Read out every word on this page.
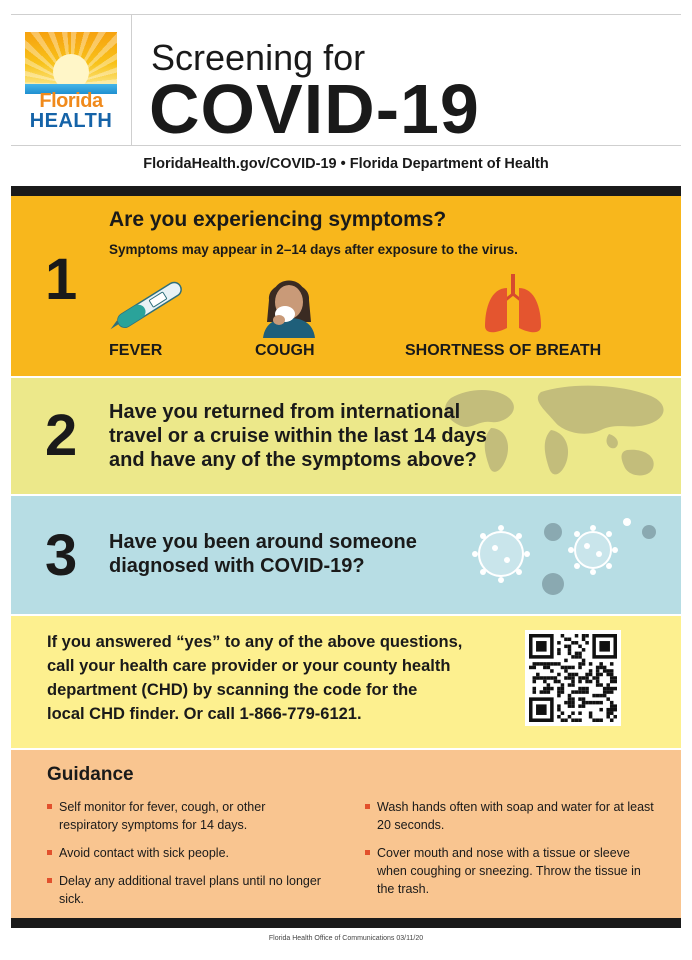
Florida
HEALTH
Screening for
COVID-19
FloridaHealth.gov/COVID-19 • Florida Department of Health
1
Are you experiencing symptoms?
Symptoms may appear in 2–14 days after exposure to the virus.
FEVER	COUGH	SHORTNESS OF BREATH
2 Have you returned from international
travel or a cruise within the last 14 days
and have any of the symptoms above?
3 Have you been around someone
diagnosed with COVID-19?
If you answered “yes” to any of the above questions,
call your health care provider or your county health
department (CHD) by scanning the code for the
local CHD finder. Or call 1-866-779-6121.
Guidance
Self monitor for fever, cough, or other respiratory symptoms for 14 days.
Avoid contact with sick people.
Delay any additional travel plans until no longer sick.
Wash hands often with soap and water for at least 20 seconds.
Cover mouth and nose with a tissue or sleeve when coughing or sneezing. Throw the tissue in the trash.
Florida Health Office of Communications 03/11/20
